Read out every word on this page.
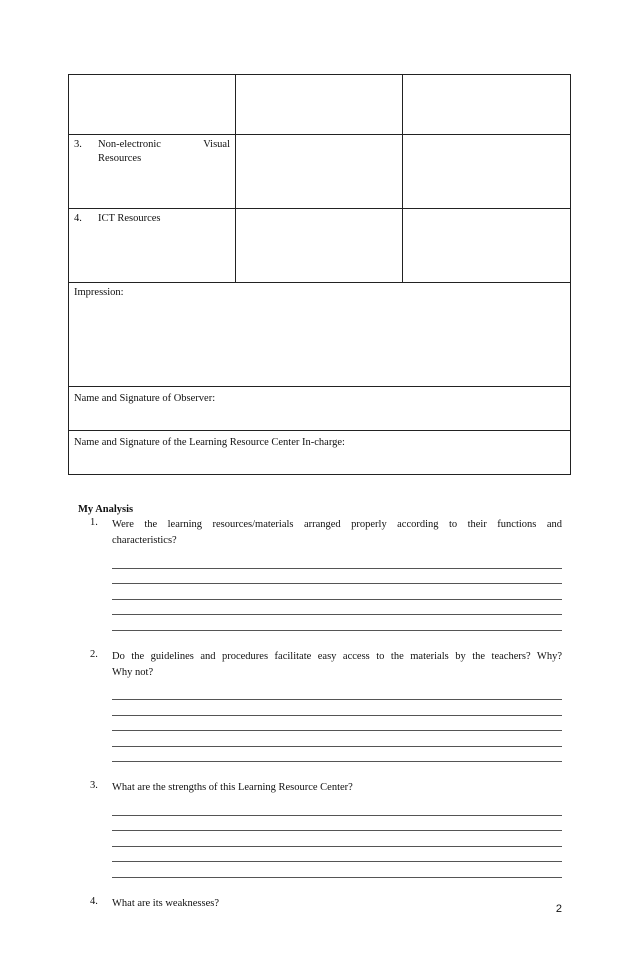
3. Non-electronic Visual
Resources		

4. ICT Resources		

Impression:		
Name and Signature of Observer:		
Name and Signature of the Learning Resource Center In-charge:		
My Analysis
1.	Were the learning resources/materials arranged properly according to their functions and
characteristics?
2.	Do the guidelines and procedures facilitate easy access to the materials by the teachers? Why?
Why not?
3.	What are the strengths of this Learning Resource Center?
4.	What are its weaknesses?	2
